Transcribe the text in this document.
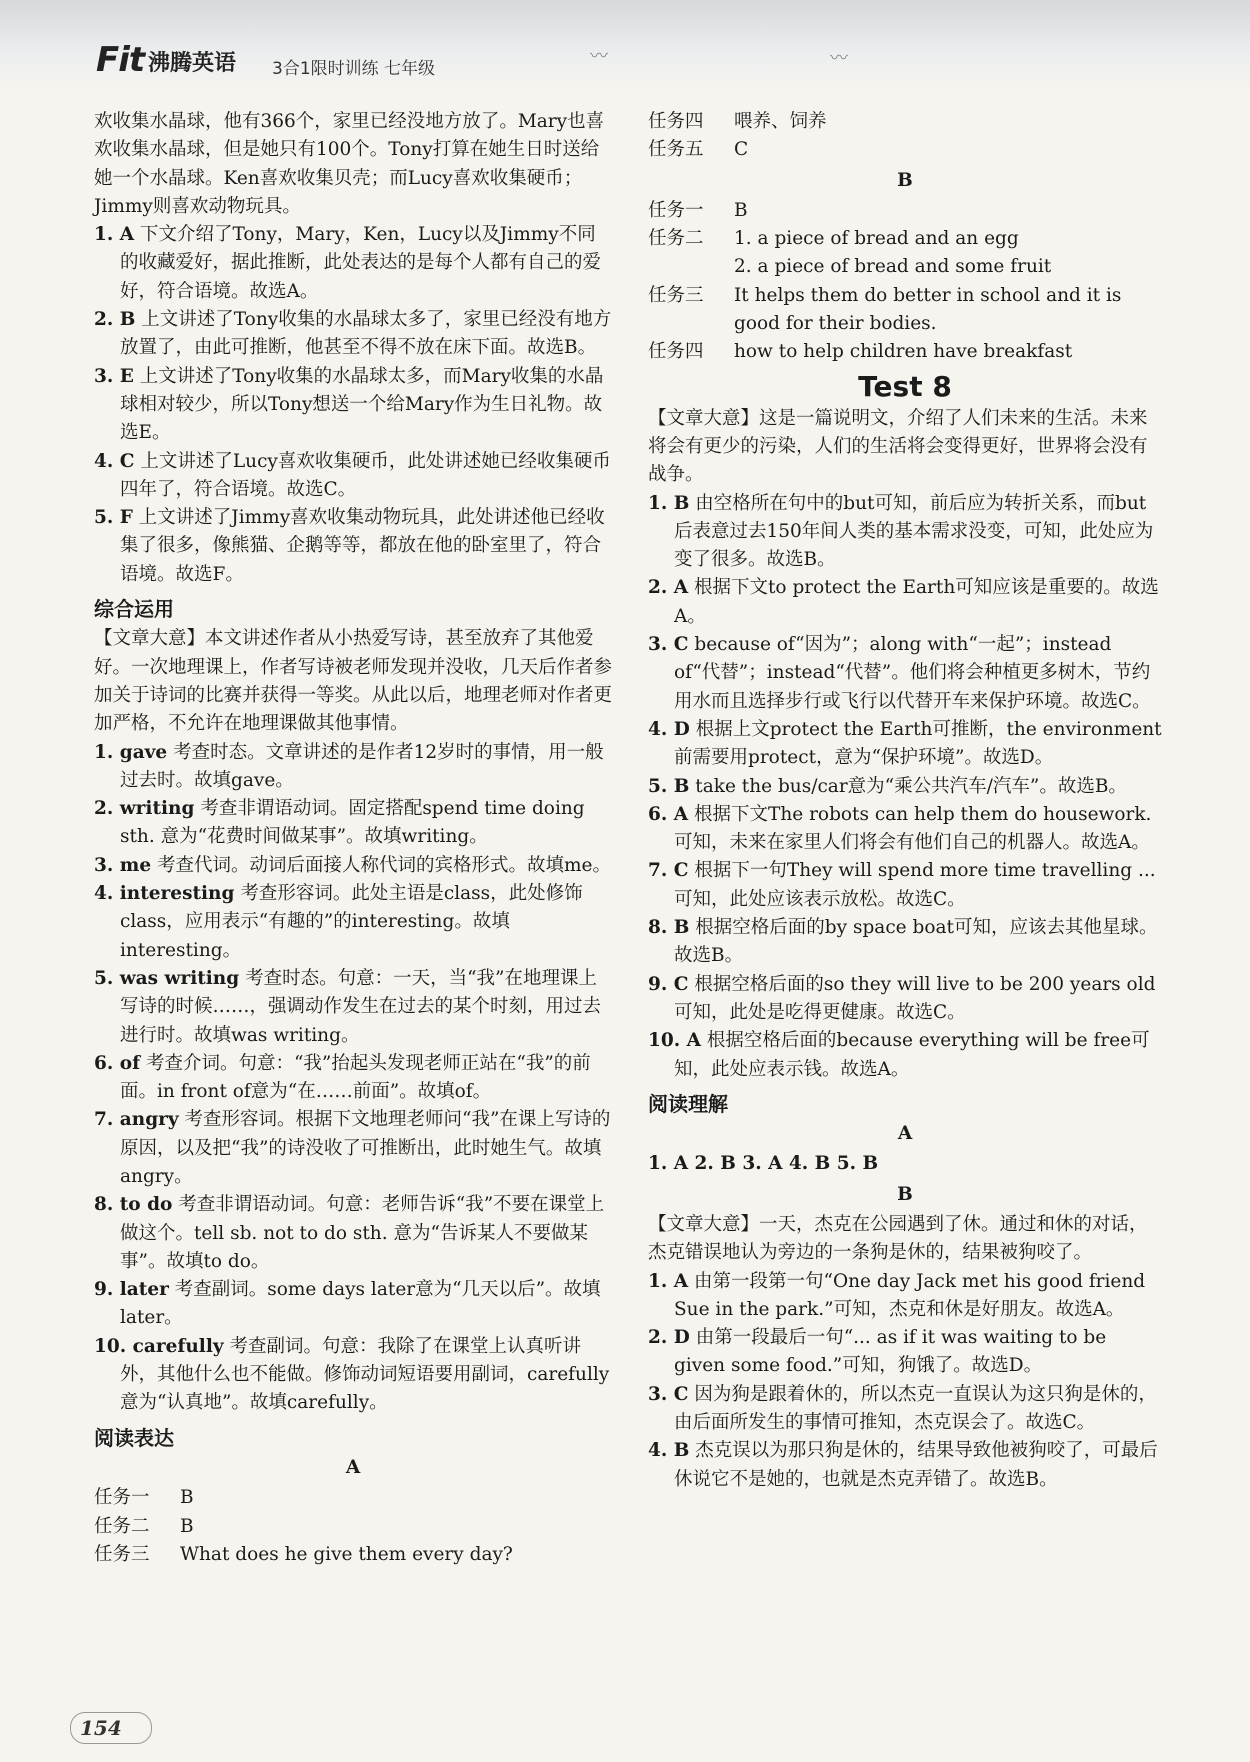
Fit 沸腾英语 3合1限时训练 七年级
〰	〰

欢收集水晶球，他有366个，家里已经没地方放了。Mary也喜欢收集水晶球，但是她只有100个。Tony打算在她生日时送给她一个水晶球。Ken喜欢收集贝壳；而Lucy喜欢收集硬币；Jimmy则喜欢动物玩具。

1. A 下文介绍了Tony，Mary，Ken，Lucy以及Jimmy不同的收藏爱好，据此推断，此处表达的是每个人都有自己的爱好，符合语境。故选A。

2. B 上文讲述了Tony收集的水晶球太多了，家里已经没有地方放置了，由此可推断，他甚至不得不放在床下面。故选B。

3. E 上文讲述了Tony收集的水晶球太多，而Mary收集的水晶球相对较少，所以Tony想送一个给Mary作为生日礼物。故选E。

4. C 上文讲述了Lucy喜欢收集硬币，此处讲述她已经收集硬币四年了，符合语境。故选C。

5. F 上文讲述了Jimmy喜欢收集动物玩具，此处讲述他已经收集了很多，像熊猫、企鹅等等，都放在他的卧室里了，符合语境。故选F。

综合运用

【文章大意】本文讲述作者从小热爱写诗，甚至放弃了其他爱好。一次地理课上，作者写诗被老师发现并没收，几天后作者参加关于诗词的比赛并获得一等奖。从此以后，地理老师对作者更加严格，不允许在地理课做其他事情。

1. gave 考查时态。文章讲述的是作者12岁时的事情，用一般过去时。故填gave。

2. writing 考查非谓语动词。固定搭配spend time doing sth. 意为“花费时间做某事”。故填writing。

3. me 考查代词。动词后面接人称代词的宾格形式。故填me。

4. interesting 考查形容词。此处主语是class，此处修饰class，应用表示“有趣的”的interesting。故填interesting。

5. was writing 考查时态。句意：一天，当“我”在地理课上写诗的时候……，强调动作发生在过去的某个时刻，用过去进行时。故填was writing。

6. of 考查介词。句意：“我”抬起头发现老师正站在“我”的前面。in front of意为“在……前面”。故填of。

7. angry 考查形容词。根据下文地理老师问“我”在课上写诗的原因，以及把“我”的诗没收了可推断出，此时她生气。故填angry。

8. to do 考查非谓语动词。句意：老师告诉“我”不要在课堂上做这个。tell sb. not to do sth. 意为“告诉某人不要做某事”。故填to do。

9. later 考查副词。some days later意为“几天以后”。故填later。

10. carefully 考查副词。句意：我除了在课堂上认真听讲外，其他什么也不能做。修饰动词短语要用副词，carefully意为“认真地”。故填carefully。

阅读表达
A

任务一 B

任务二 B

任务三 What does he give them every day?

任务四 喂养、饲养

任务五 C

B

任务一 B

任务二 1. a piece of bread and an egg

2. a piece of bread and some fruit

任务三 It helps them do better in school and it is good for their bodies.

任务四 how to help children have breakfast

Test 8

【文章大意】这是一篇说明文，介绍了人们未来的生活。未来将会有更少的污染，人们的生活将会变得更好，世界将会没有战争。

1. B 由空格所在句中的but可知，前后应为转折关系，而but后表意过去150年间人类的基本需求没变，可知，此处应为变了很多。故选B。

2. A 根据下文to protect the Earth可知应该是重要的。故选A。

3. C because of“因为”；along with“一起”；instead of“代替”；instead“代替”。他们将会种植更多树木，节约用水而且选择步行或飞行以代替开车来保护环境。故选C。

4. D 根据上文protect the Earth可推断，the environment前需要用protect，意为“保护环境”。故选D。

5. B take the bus/car意为“乘公共汽车/汽车”。故选B。

6. A 根据下文The robots can help them do housework. 可知，未来在家里人们将会有他们自己的机器人。故选A。

7. C 根据下一句They will spend more time travelling ... 可知，此处应该表示放松。故选C。

8. B 根据空格后面的by space boat可知，应该去其他星球。故选B。

9. C 根据空格后面的so they will live to be 200 years old可知，此处是吃得更健康。故选C。

10. A 根据空格后面的because everything will be free可知，此处应表示钱。故选A。

阅读理解
A

1. A 2. B 3. A 4. B 5. B

B

【文章大意】一天，杰克在公园遇到了休。通过和休的对话，杰克错误地认为旁边的一条狗是休的，结果被狗咬了。

1. A 由第一段第一句“One day Jack met his good friend Sue in the park.”可知，杰克和休是好朋友。故选A。

2. D 由第一段最后一句“... as if it was waiting to be given some food.”可知，狗饿了。故选D。

3. C 因为狗是跟着休的，所以杰克一直误认为这只狗是休的，由后面所发生的事情可推知，杰克误会了。故选C。

4. B 杰克误以为那只狗是休的，结果导致他被狗咬了，可最后休说它不是她的，也就是杰克弄错了。故选B。

154
